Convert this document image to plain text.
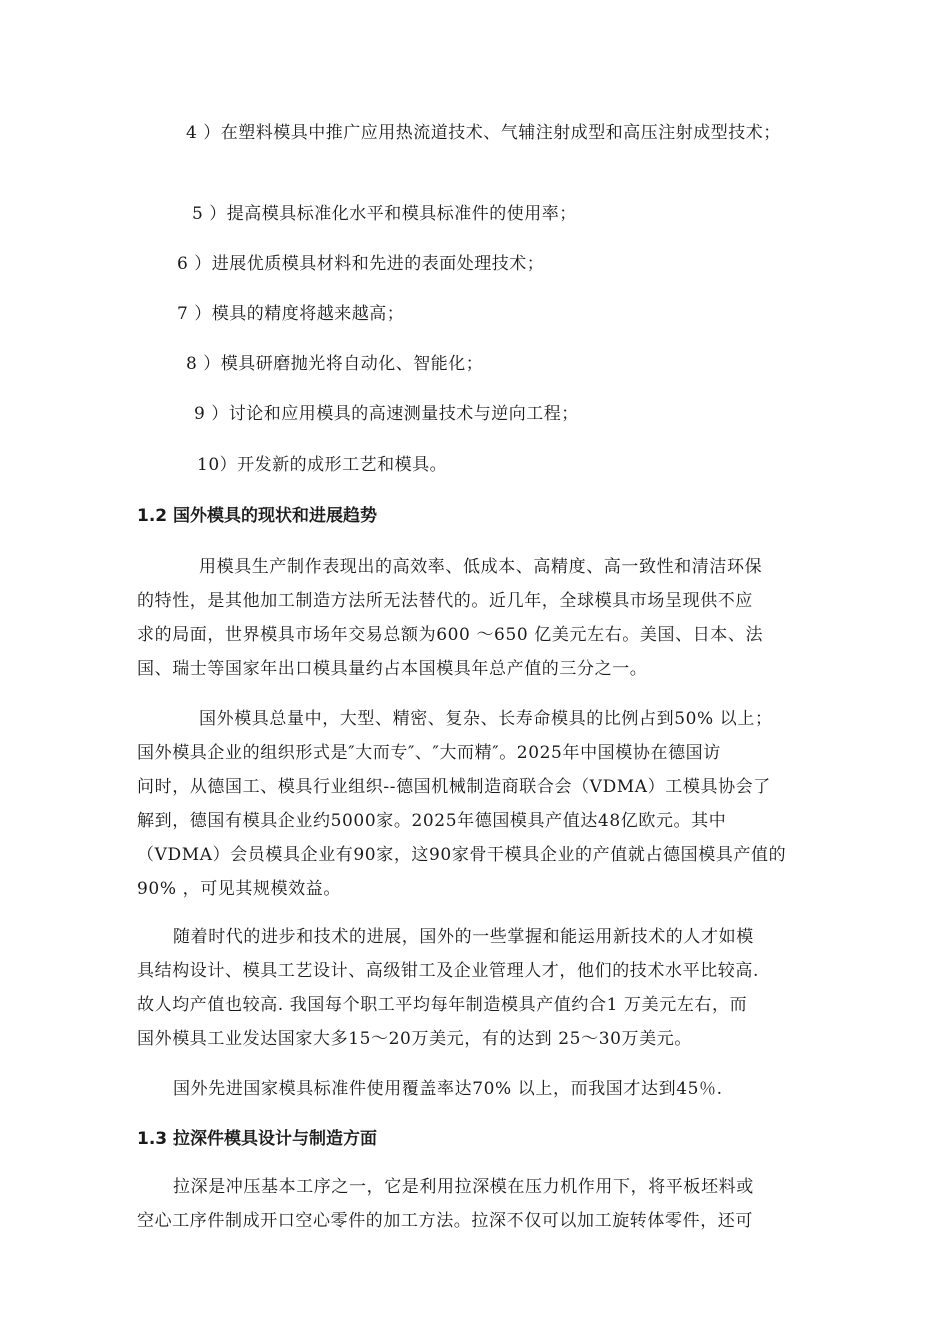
4 ）在塑料模具中推广应用热流道技术、气辅注射成型和高压注射成型技术；
5 ）提高模具标准化水平和模具标准件的使用率；
6 ）进展优质模具材料和先进的表面处理技术；
7 ）模具的精度将越来越高；
8 ）模具研磨抛光将自动化、智能化；
9 ）讨论和应用模具的高速测量技术与逆向工程；
10）开发新的成形工艺和模具。
1.2 国外模具的现状和进展趋势
用模具生产制作表现出的高效率、低成本、高精度、高一致性和清洁环保
的特性，是其他加工制造方法所无法替代的。近几年，全球模具市场呈现供不应
求的局面，世界模具市场年交易总额为600 ～650 亿美元左右。美国、日本、法
国、瑞士等国家年出口模具量约占本国模具年总产值的三分之一。
国外模具总量中，大型、精密、复杂、长寿命模具的比例占到50% 以上；
国外模具企业的组织形式是″大而专″、″大而精″。2025年中国模协在德国访
问时，从德国工、模具行业组织--德国机械制造商联合会（VDMA）工模具协会了
解到，德国有模具企业约5000家。2025年德国模具产值达48亿欧元。其中
（VDMA）会员模具企业有90家，这90家骨干模具企业的产值就占德国模具产值的
90% ，可见其规模效益。
随着时代的进步和技术的进展，国外的一些掌握和能运用新技术的人才如模
具结构设计、模具工艺设计、高级钳工及企业管理人才，他们的技术水平比较高.
故人均产值也较高. 我国每个职工平均每年制造模具产值约合1 万美元左右，而
国外模具工业发达国家大多15～20万美元，有的达到 25～30万美元。
国外先进国家模具标准件使用覆盖率达70% 以上，而我国才达到45％.
1.3 拉深件模具设计与制造方面
拉深是冲压基本工序之一，它是利用拉深模在压力机作用下，将平板坯料或
空心工序件制成开口空心零件的加工方法。拉深不仅可以加工旋转体零件，还可
